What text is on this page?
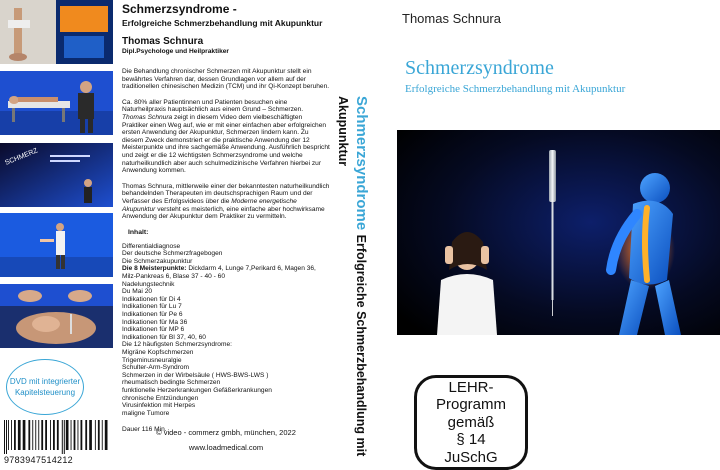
SCHMERZ
DVD mit integrierter
Kapitelsteuerung
9783947514212
Schmerzsyndrome -
Erfolgreiche Schmerzbehandlung mit Akupunktur
Thomas Schnura
Dipl.Psychologe und Heilpraktiker

Die Behandlung chronischer Schmerzen mit Akupunktur stellt ein bewährtes Verfahren dar, dessen Grundlagen vor allem auf der traditionellen chinesischen Medizin (TCM) und ihr Qi-Konzept beruhen.

Ca. 80% aller Patientinnen und Patienten besuchen eine Naturheilpraxis hauptsächlich aus einem Grund – Schmerzen.
Thomas Schnura zeigt in diesem Video dem vielbeschäftigten Praktiker einen Weg auf, wie er mit einer einfachen aber erfolgreichen ersten Anwendung der Akupunktur, Schmerzen lindern kann. Zu diesem Zweck demonstriert er die praktische Anwendung der 12 Meisterpunkte und ihre sachgemäße Anwendung. Ausführlich bespricht und zeigt er die 12 wichtigsten Schmerzsyndrome und welche naturheilkundlich aber auch schulmedizinische Verfahren hierbei zur Anwendung kommen.

Thomas Schnura, mittlerweile einer der bekanntesten naturheilkundlich behandelnden Therapeuten im deutschsprachigen Raum und der Verfasser des Erfolgsvideos über die Moderne energetische Akupunktur versteht es meisterlich, eine einfache aber hochwirksame Anwendung der Akupunktur dem Praktiker zu vermitteln.

Inhalt:
Differentialdiagnose
Der deutsche Schmerzfragebogen
Die Schmerzakupunktur
Die 8 Meisterpunkte: Dickdarm 4, Lunge 7,Perikard 6, Magen 36, Milz-Pankreas 6, Blase 37 - 40 - 60
Nadelungstechnik
Du Mai 20
Indikationen für Di 4
Indikationen für Lu 7
Indikationen für Pe 6
Indikationen für Ma 36
Indikationen für MP 6
Indikationen für Bl 37, 40, 60
Die 12 häufigsten Schmerzsyndrome:
Migräne Kopfschmerzen
Trigeminusneuralgie
Schulter-Arm-Syndrom
Schmerzen in der Wirbelsäule ( HWS-BWS-LWS )
rheumatisch bedingte Schmerzen
funktionelle Herzerkrankungen Gefäßerkrankungen
chronische Entzündungen
Virusinfektion mit Herpes
maligne Tumore
Dauer 116 Min.
© video - commerz gmbh, münchen, 2022
www.loadmedical.com
Schmerzsyndrome Erfolgreiche Schmerzbehandlung mit Akupunktur
Thomas Schnura
Schmerzsyndrome
Erfolgreiche Schmerzbehandlung mit Akupunktur
LEHR-
Programm
gemäß
§ 14
JuSchG
